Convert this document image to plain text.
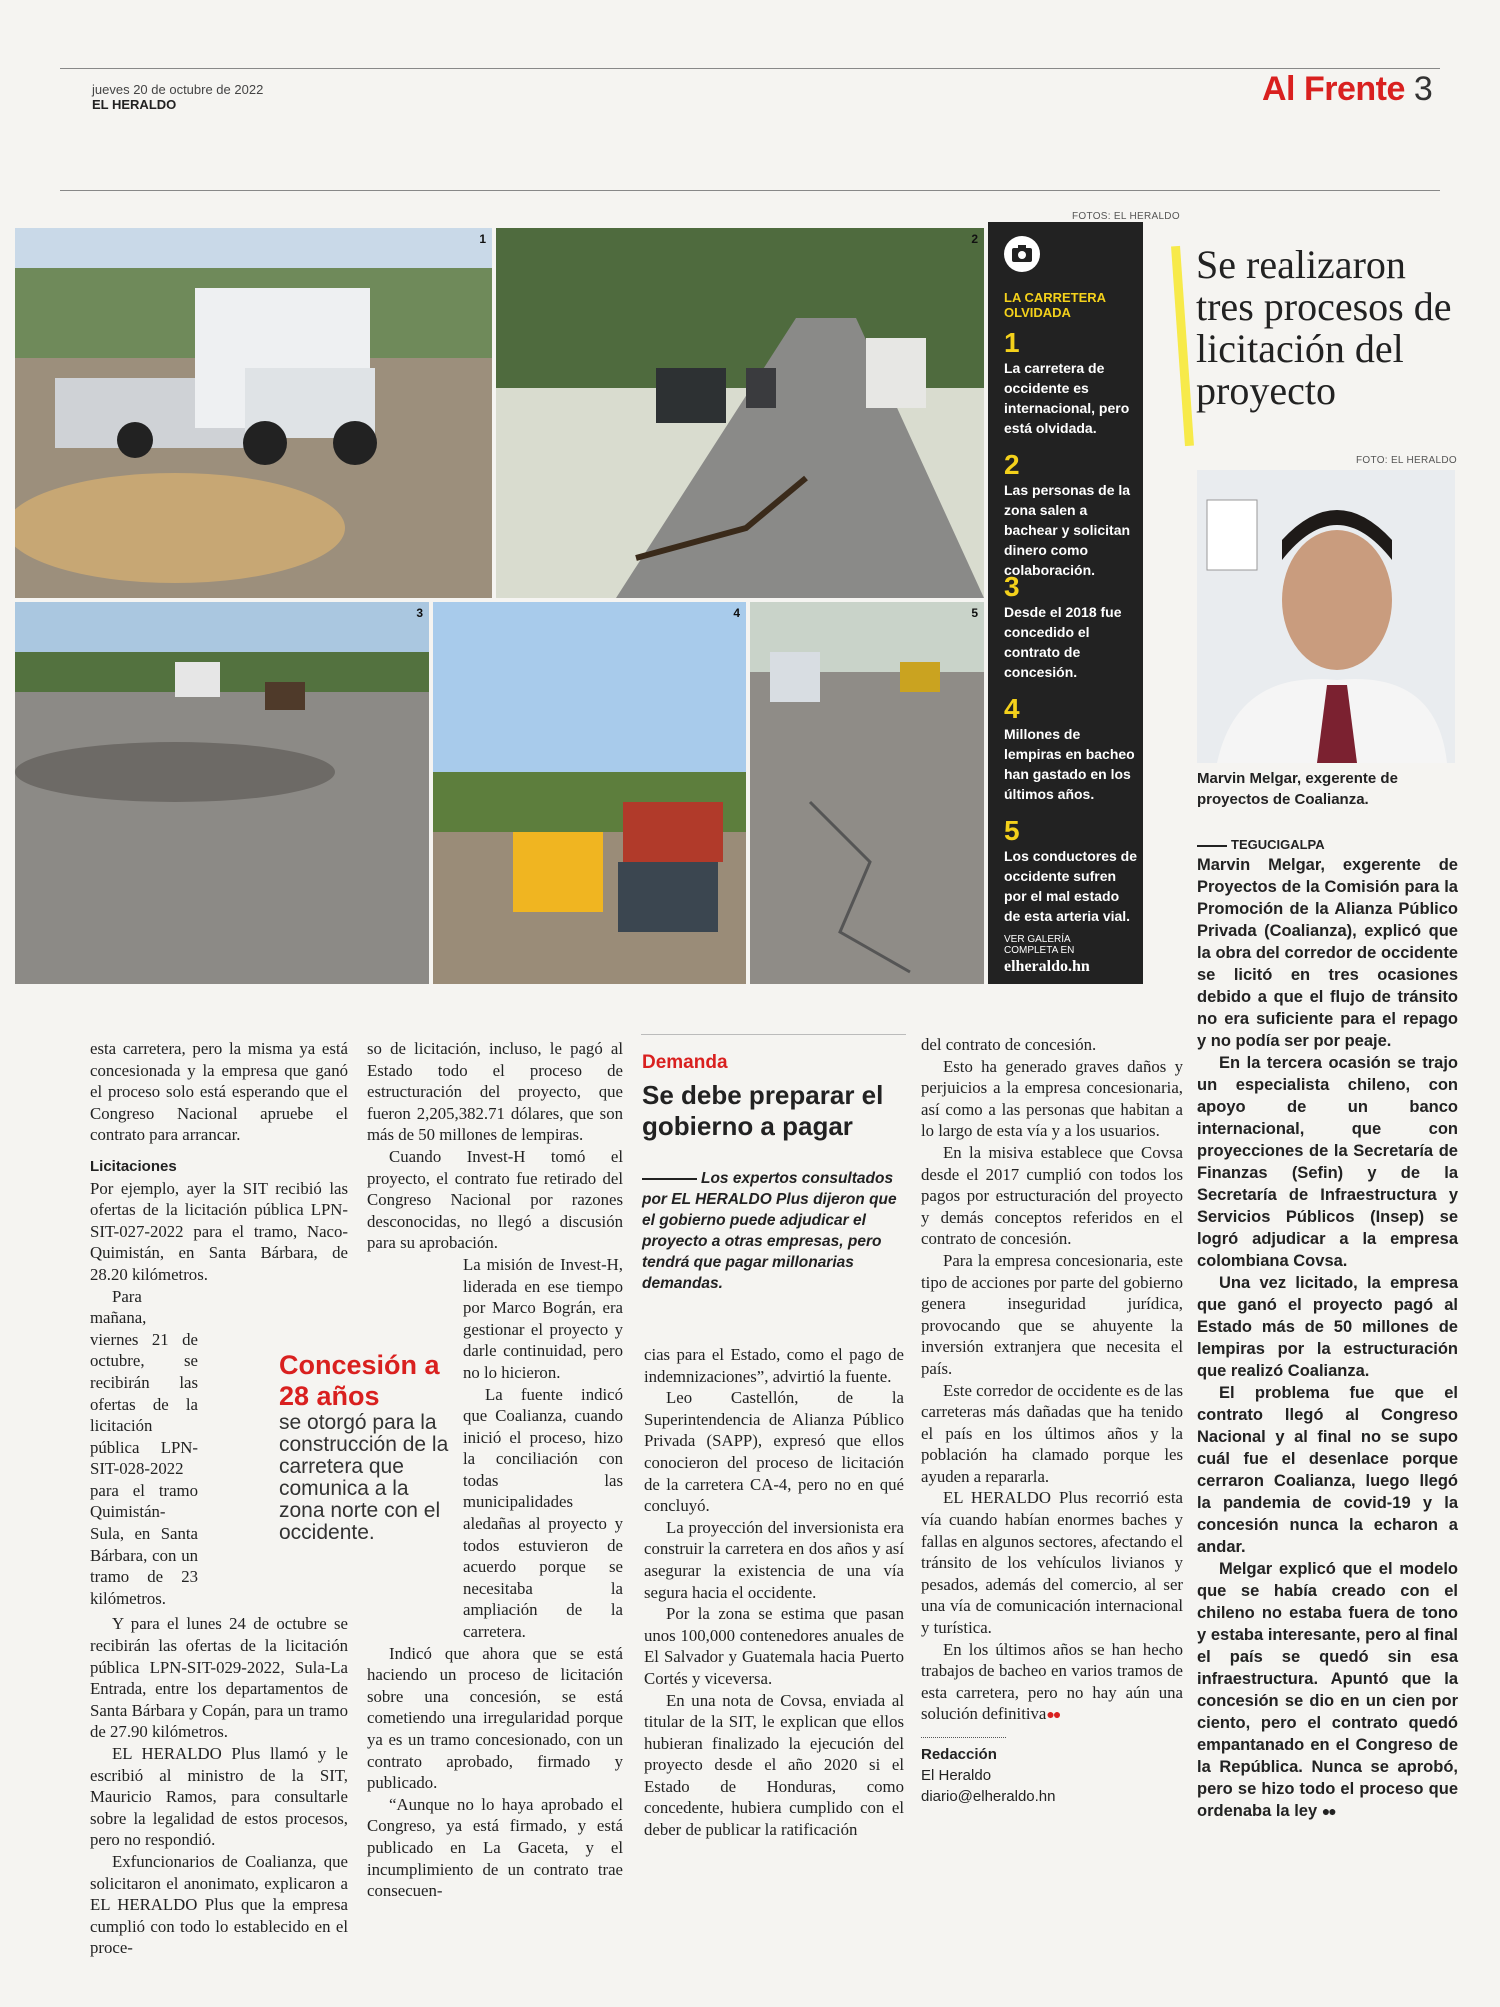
jueves 20 de octubre de 2022
EL HERALDO	Al Frente 3
FOTOS: EL HERALDO
1	2
3	4	5
LA CARRETERA OLVIDADA
1
La carretera de occidente es internacional, pero está olvidada.
2
Las personas de la zona salen a bachear y solicitan dinero como colaboración.
3
Desde el 2018 fue concedido el contrato de concesión.
4
Millones de lempiras en bacheo han gastado en los últimos años.
5
Los conductores de occidente sufren por el mal estado de esta arteria vial.
VER GALERÍA COMPLETA EN
elheraldo.hn
Se realizaron tres procesos de licitación del proyecto
FOTO: EL HERALDO
Marvin Melgar, exgerente de proyectos de Coalianza.
TEGUCIGALPA

Marvin Melgar, exgerente de Proyectos de la Comisión para la Promoción de la Alianza Público Privada (Coalianza), explicó que la obra del corredor de occidente se licitó en tres ocasiones debido a que el flujo de tránsito no era suficiente para el repago y no podía ser por peaje.

En la tercera ocasión se trajo un especialista chileno, con apoyo de un banco internacional, que con proyecciones de la Secretaría de Finanzas (Sefin) y de la Secretaría de Infraestructura y Servicios Públicos (Insep) se logró adjudicar a la empresa colombiana Covsa.

Una vez licitado, la empresa que ganó el proyecto pagó al Estado más de 50 millones de lempiras por la estructuración que realizó Coalianza.

El problema fue que el contrato llegó al Congreso Nacional y al final no se supo cuál fue el desenlace porque cerraron Coalianza, luego llegó la pandemia de covid-19 y la concesión nunca la echaron a andar.

Melgar explicó que el modelo que se había creado con el chileno no estaba fuera de tono y estaba interesante, pero al final el país se quedó sin esa infraestructura. Apuntó que la concesión se dio en un cien por ciento, pero el contrato quedó empantanado en el Congreso de la República. Nunca se aprobó, pero se hizo todo el proceso que ordenaba la ley ●●

esta carretera, pero la misma ya está concesionada y la empresa que ganó el proceso solo está esperando que el Congreso Nacional apruebe el contrato para arrancar.

Licitaciones

Por ejemplo, ayer la SIT recibió las ofertas de la licitación pública LPN-SIT-027-2022 para el tramo, Naco-Quimistán, en Santa Bárbara, de 28.20 kilómetros.

Para mañana, viernes 21 de octubre, se recibirán las ofertas de la licitación pública LPN-SIT-028-2022 para el tramo Quimistán-Sula, en Santa Bárbara, con un tramo de 23 kilómetros.

Y para el lunes 24 de octubre se recibirán las ofertas de la licitación pública LPN-SIT-029-2022, Sula-La Entrada, entre los departamentos de Santa Bárbara y Copán, para un tramo de 27.90 kilómetros.

EL HERALDO Plus llamó y le escribió al ministro de la SIT, Mauricio Ramos, para consultarle sobre la legalidad de estos procesos, pero no respondió.

Exfuncionarios de Coalianza, que solicitaron el anonimato, explicaron a EL HERALDO Plus que la empresa cumplió con todo lo establecido en el proce-

Concesión a 28 años
se otorgó para la construcción de la carretera que comunica a la zona norte con el occidente.

so de licitación, incluso, le pagó al Estado todo el proceso de estructuración del proyecto, que fueron 2,205,382.71 dólares, que son más de 50 millones de lempiras.

Cuando Invest-H tomó el proyecto, el contrato fue retirado del Congreso Nacional por razones desconocidas, no llegó a discusión para su aprobación.

La misión de Invest-H, liderada en ese tiempo por Marco Bográn, era gestionar el proyecto y darle continuidad, pero no lo hicieron.

La fuente indicó que Coalianza, cuando inició el proceso, hizo la conciliación con todas las municipalidades aledañas al proyecto y todos estuvieron de acuerdo porque se necesitaba la ampliación de la carretera.

Indicó que ahora que se está haciendo un proceso de licitación sobre una concesión, se está cometiendo una irregularidad porque ya es un tramo concesionado, con un contrato aprobado, firmado y publicado.

“Aunque no lo haya aprobado el Congreso, ya está firmado, y está publicado en La Gaceta, y el incumplimiento de un contrato trae consecuen-

Demanda
Se debe preparar el gobierno a pagar
Los expertos consultados por EL HERALDO Plus dijeron que el gobierno puede adjudicar el proyecto a otras empresas, pero tendrá que pagar millonarias demandas.

cias para el Estado, como el pago de indemnizaciones”, advirtió la fuente.

Leo Castellón, de la Superintendencia de Alianza Público Privada (SAPP), expresó que ellos conocieron del proceso de licitación de la carretera CA-4, pero no en qué concluyó.

La proyección del inversionista era construir la carretera en dos años y así asegurar la existencia de una vía segura hacia el occidente.

Por la zona se estima que pasan unos 100,000 contenedores anuales de El Salvador y Guatemala hacia Puerto Cortés y viceversa.

En una nota de Covsa, enviada al titular de la SIT, le explican que ellos hubieran finalizado la ejecución del proyecto desde el año 2020 si el Estado de Honduras, como concedente, hubiera cumplido con el deber de publicar la ratificación

del contrato de concesión.

Esto ha generado graves daños y perjuicios a la empresa concesionaria, así como a las personas que habitan a lo largo de esta vía y a los usuarios.

En la misiva establece que Covsa desde el 2017 cumplió con todos los pagos por estructuración del proyecto y demás conceptos referidos en el contrato de concesión.

Para la empresa concesionaria, este tipo de acciones por parte del gobierno genera inseguridad jurídica, provocando que se ahuyente la inversión extranjera que necesita el país.

Este corredor de occidente es de las carreteras más dañadas que ha tenido el país en los últimos años y la población ha clamado porque les ayuden a repararla.

EL HERALDO Plus recorrió esta vía cuando habían enormes baches y fallas en algunos sectores, afectando el tránsito de los vehículos livianos y pesados, además del comercio, al ser una vía de comunicación internacional y turística.

En los últimos años se han hecho trabajos de bacheo en varios tramos de esta carretera, pero no hay aún una solución definitiva●●

Redacción
El Heraldo
diario@elheraldo.hn
